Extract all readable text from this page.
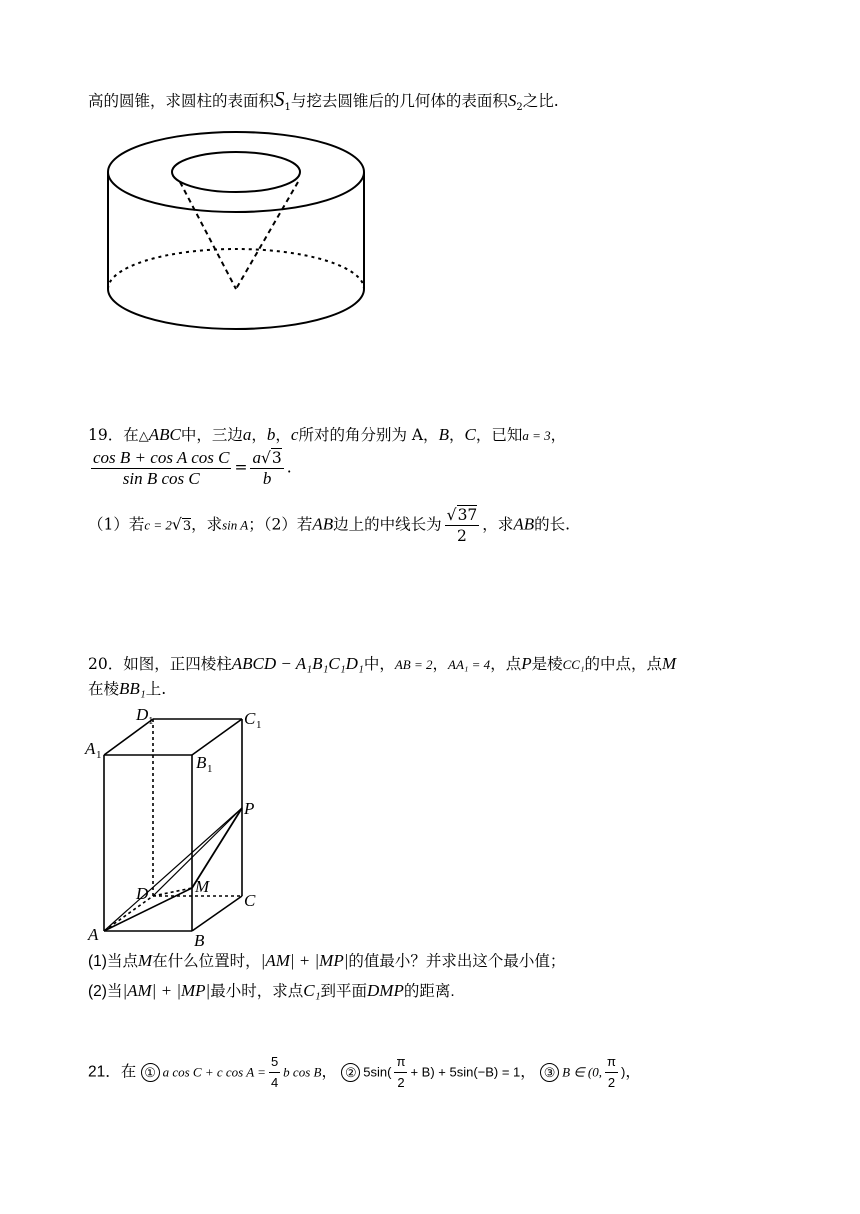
高的圆锥，求圆柱的表面积$S_1$与挖去圆锥后的几何体的表面积$S_2$之比.
19．在△ABC中，三边a，b，c所对的角分别为 A，B，C，已知a = 3，
$\frac{\text{cos B + cos A cos C}}{\text{sin B cos C}} = \frac{a√3}{b}$ .
（1）若c = 2√3，求sin A；（2）若AB边上的中线长为 $\frac{√37}{2}$ ，求AB的长.
20．如图，正四棱柱ABCD − A₁B₁C₁D₁中，AB = 2，AA₁ = 4，点P是棱CC₁的中点，点M
在棱BB₁上.
D 1	C 1
A 1	B 1
P
D	M
C
A	B
(1)当点M在什么位置时，|AM| + |MP|的值最小？并求出这个最小值；
(2)当|AM| + |MP|最小时，求点C₁到平面DMP的距离.
21．在 ① a cos C + c $\cos A = \frac{5}{4}$ b cos B， ② $5\sin( \frac{\pi}{2} + B) + 5\sin(-B) = 1$， ③ B ∈ (0, $\frac{\pi}{2}$ )，
